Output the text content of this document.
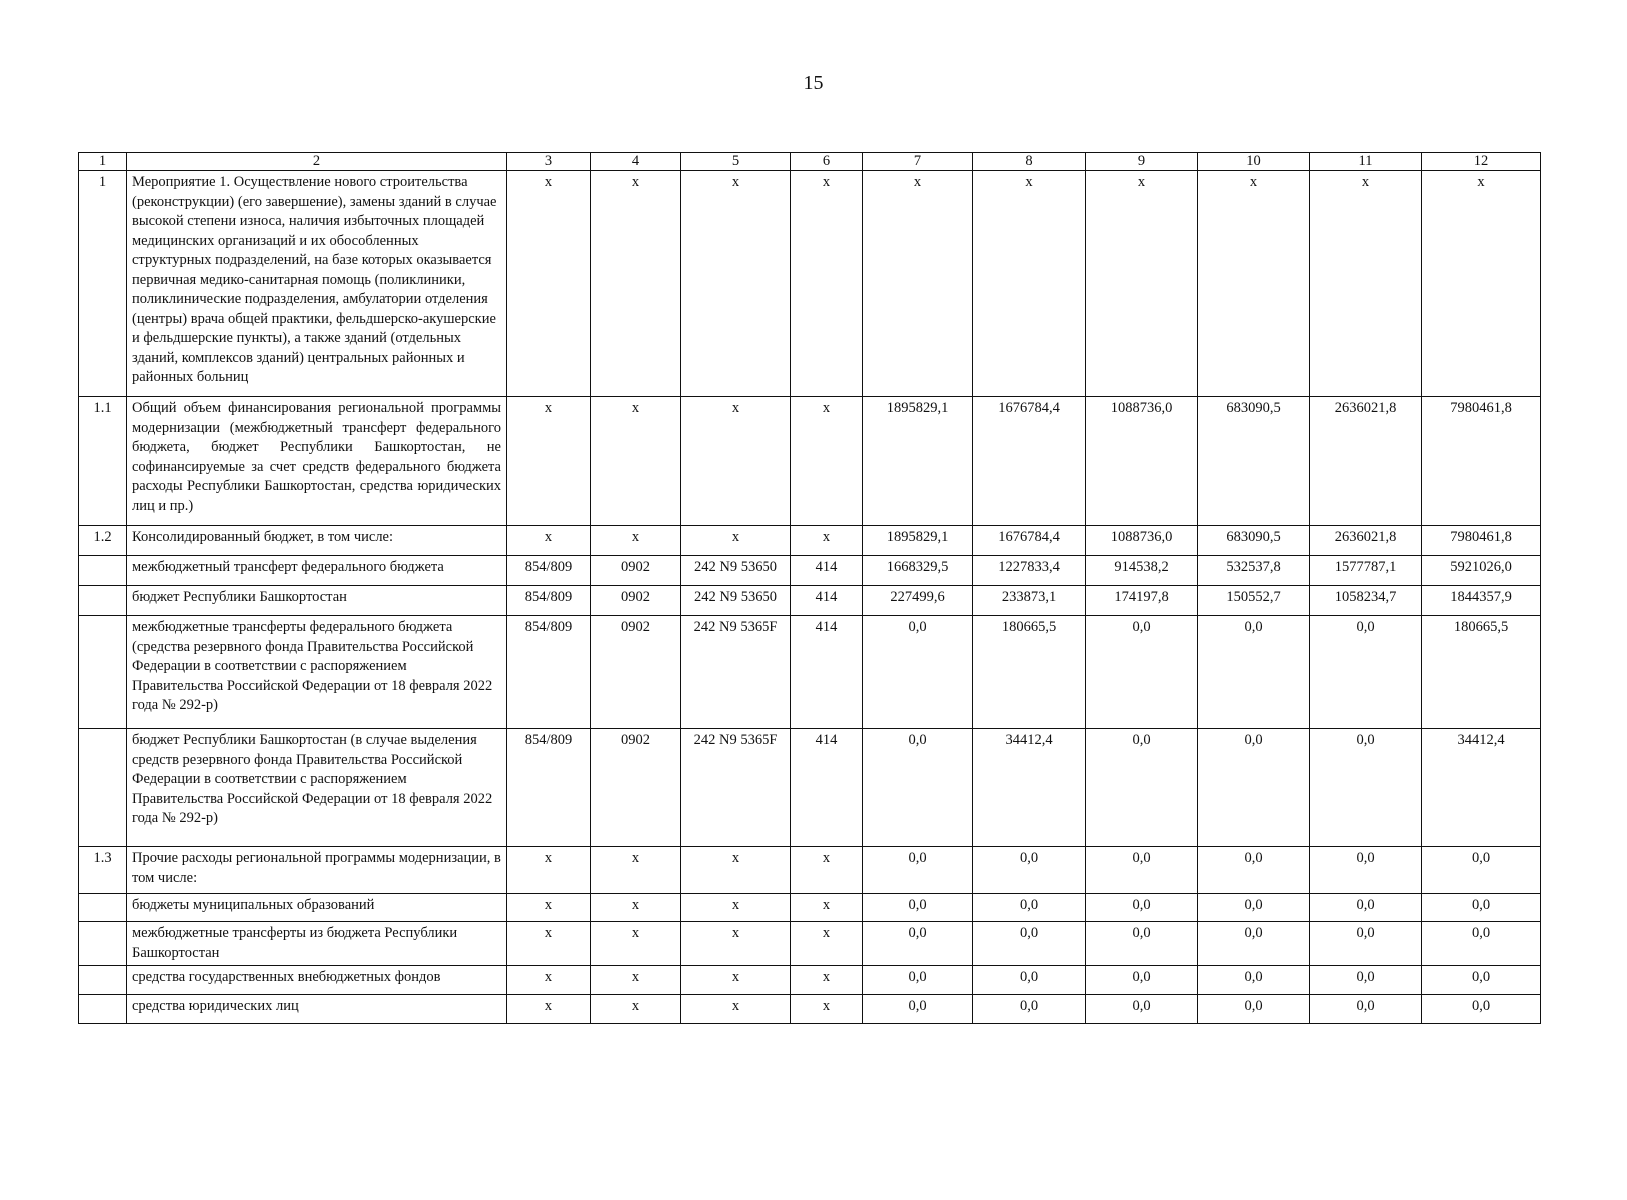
15
1	2	3	4	5	6	7	8	9	10	11	12
1	Мероприятие 1. Осуществление нового строительства (реконструкции) (его завершение), замены зданий в случае высокой степени износа, наличия избыточных площадей медицинских организаций и их обособленных структурных подразделений, на базе которых оказывается первичная медико-санитарная помощь (поликлиники, поликлинические подразделения, амбулатории отделения (центры) врача общей практики, фельдшерско-акушерские и фельдшерские пункты), а также зданий (отдельных зданий, комплексов зданий) центральных районных и районных больниц	х	х	х	х	х	х	х	х	х	х
1.1	Общий объем финансирования региональной программы модернизации (межбюджетный трансферт федерального бюджета, бюджет Республики Башкортостан, не софинансируемые за счет средств федерального бюджета расходы Республики Башкортостан, средства юридических лиц и пр.)	х	х	х	х	1895829,1	1676784,4	1088736,0	683090,5	2636021,8	7980461,8
1.2	Консолидированный бюджет, в том числе:	х	х	х	х	1895829,1	1676784,4	1088736,0	683090,5	2636021,8	7980461,8
	межбюджетный трансферт федерального бюджета	854/809	0902	242 N9 53650	414	1668329,5	1227833,4	914538,2	532537,8	1577787,1	5921026,0
	бюджет Республики Башкортостан	854/809	0902	242 N9 53650	414	227499,6	233873,1	174197,8	150552,7	1058234,7	1844357,9
	межбюджетные трансферты федерального бюджета (средства резервного фонда Правительства Российской Федерации в соответствии с распоряжением Правительства Российской Федерации от 18 февраля 2022 года № 292-р)	854/809	0902	242 N9 5365F	414	0,0	180665,5	0,0	0,0	0,0	180665,5
	бюджет Республики Башкортостан (в случае выделения средств резервного фонда Правительства Российской Федерации в соответствии с распоряжением Правительства Российской Федерации от 18 февраля 2022 года № 292-р)	854/809	0902	242 N9 5365F	414	0,0	34412,4	0,0	0,0	0,0	34412,4
1.3	Прочие расходы региональной программы модернизации, в том числе:	х	х	х	х	0,0	0,0	0,0	0,0	0,0	0,0
	бюджеты муниципальных образований	х	х	х	х	0,0	0,0	0,0	0,0	0,0	0,0
	межбюджетные трансферты из бюджета Республики Башкортостан	х	х	х	х	0,0	0,0	0,0	0,0	0,0	0,0
	средства государственных внебюджетных фондов	х	х	х	х	0,0	0,0	0,0	0,0	0,0	0,0
	средства юридических лиц	х	х	х	х	0,0	0,0	0,0	0,0	0,0	0,0
